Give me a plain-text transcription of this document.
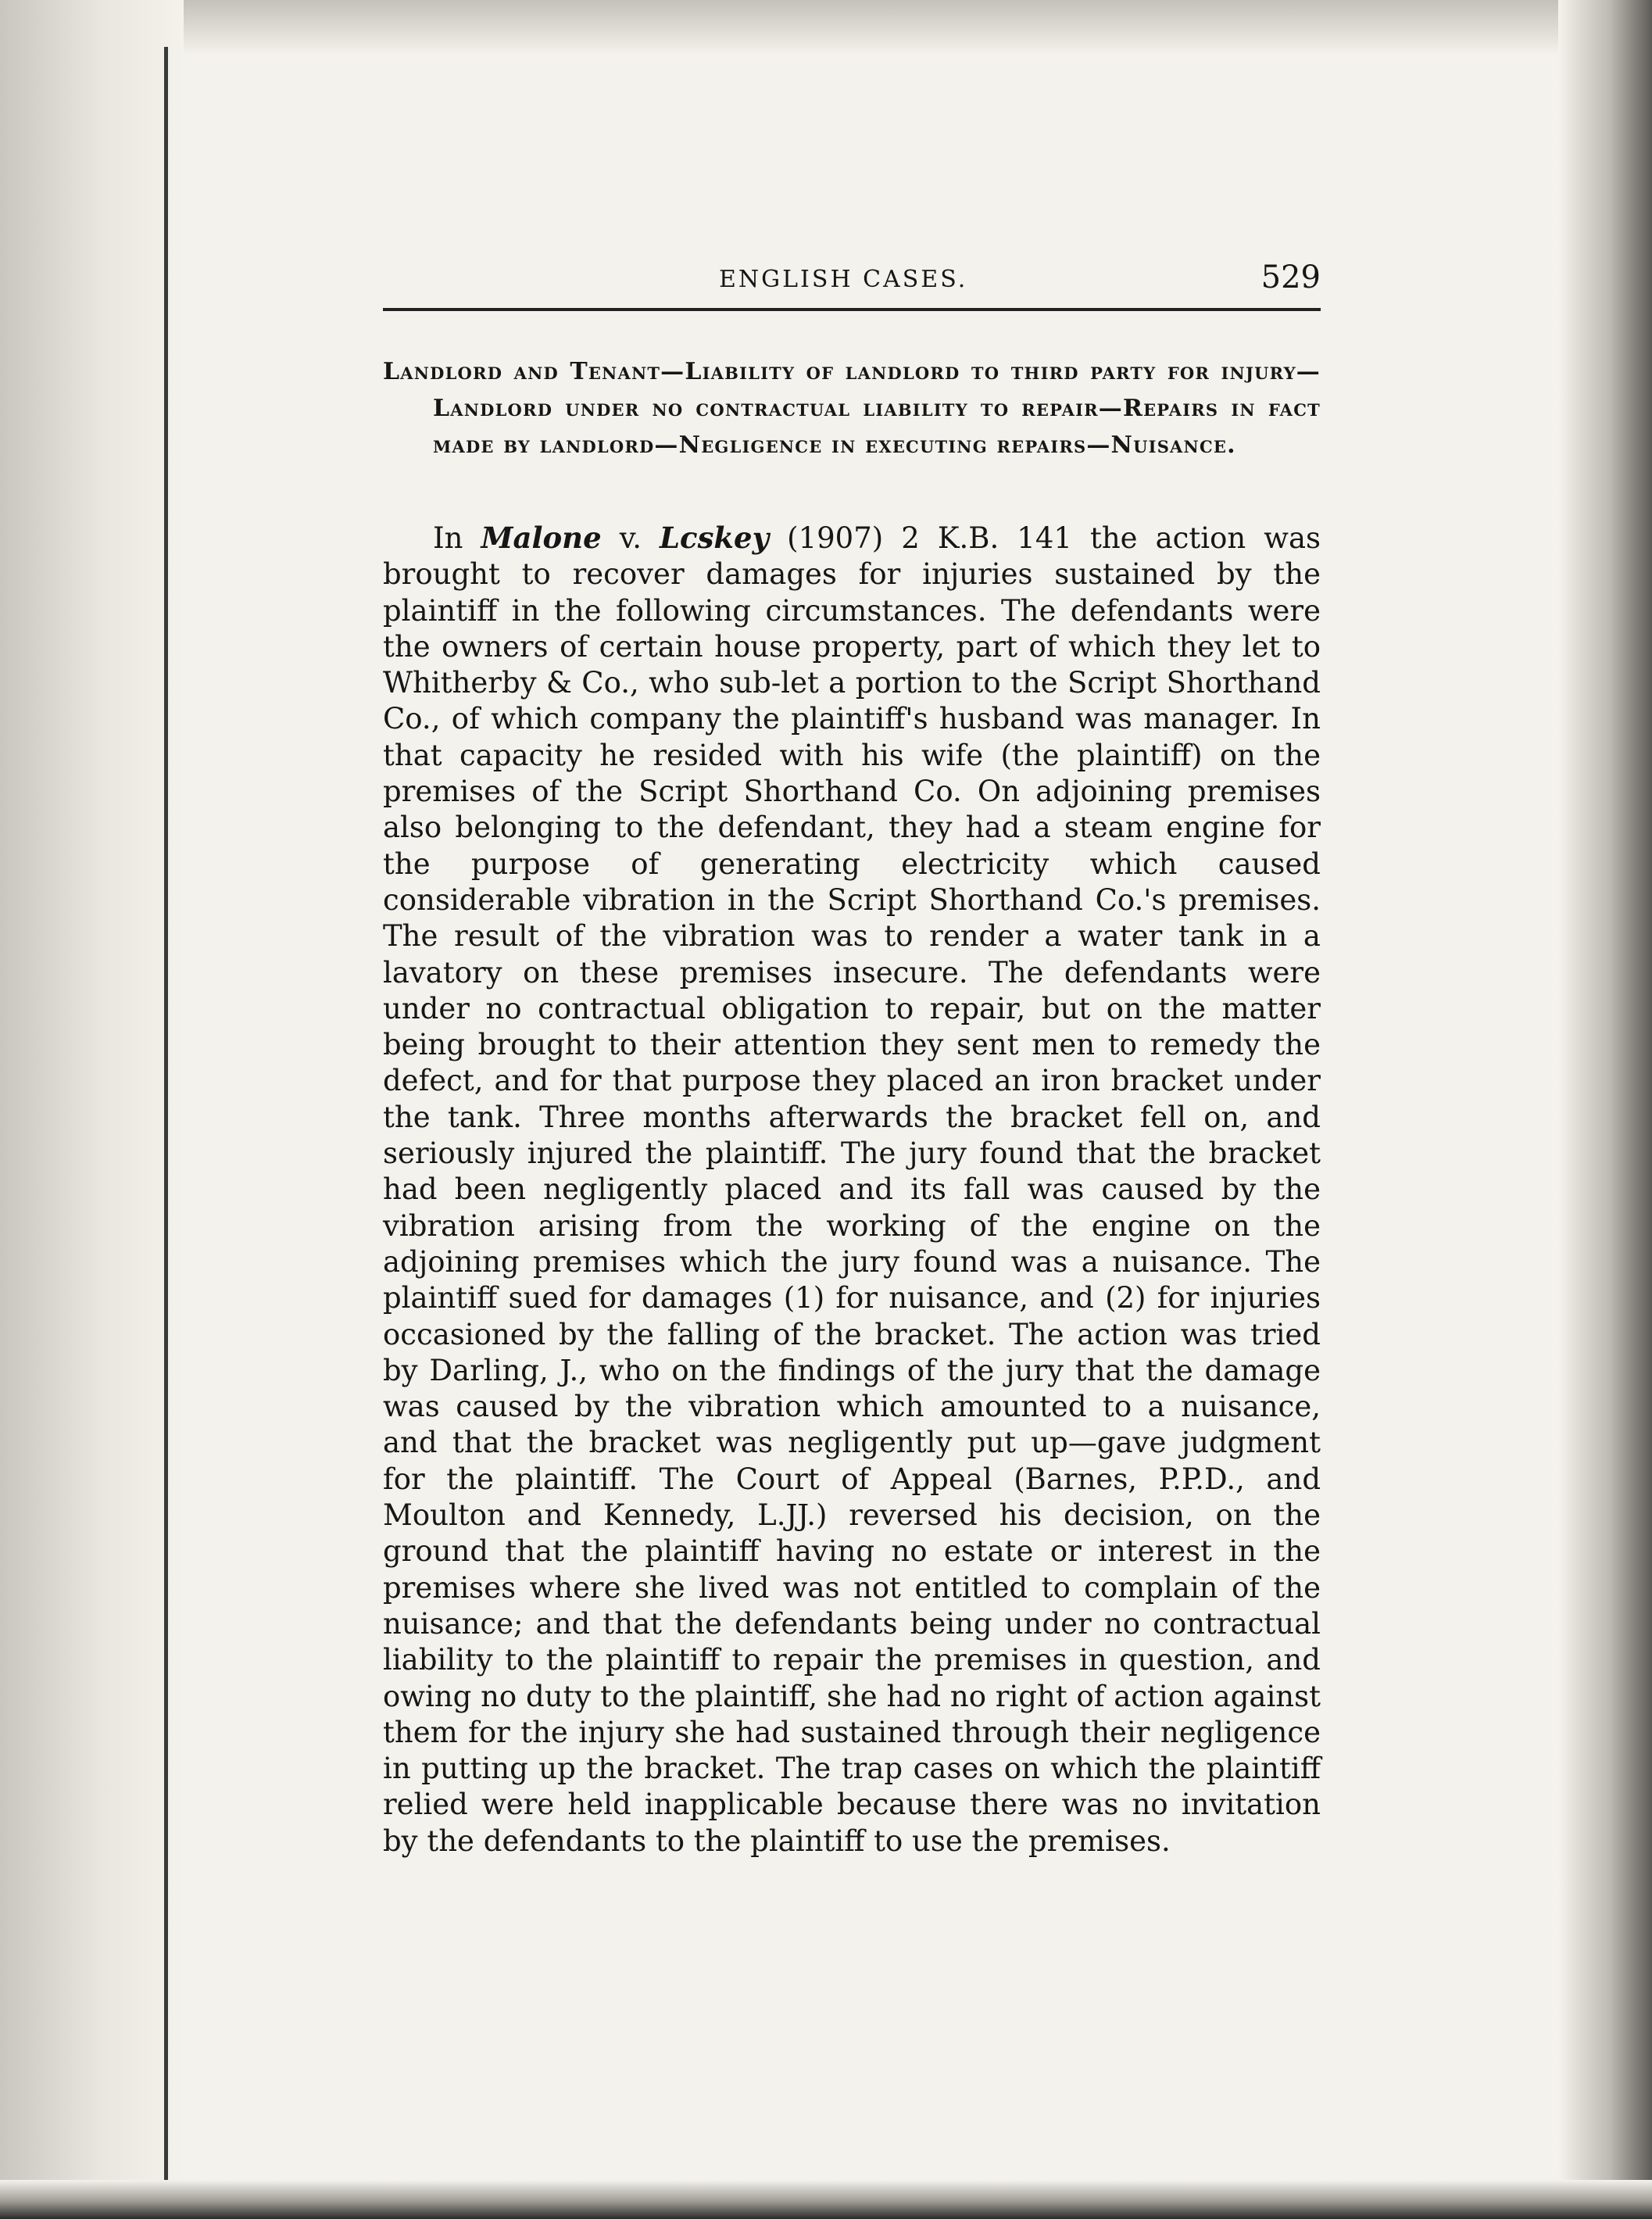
ENGLISH CASES.	529
Landlord and Tenant—Liability of landlord to third party for injury—Landlord under no contractual liability to repair—Repairs in fact made by landlord—Negligence in executing repairs—Nuisance.

In Malone v. Lcskey (1907) 2 K.B. 141 the action was brought to recover damages for injuries sustained by the plaintiff in the following circumstances. The defendants were the owners of certain house property, part of which they let to Whitherby & Co., who sub-let a portion to the Script Shorthand Co., of which company the plaintiff's husband was manager. In that capacity he resided with his wife (the plaintiff) on the premises of the Script Shorthand Co. On adjoining premises also belonging to the defendant, they had a steam engine for the purpose of generating electricity which caused considerable vibration in the Script Shorthand Co.'s premises. The result of the vibration was to render a water tank in a lavatory on these premises insecure. The defendants were under no contractual obligation to repair, but on the matter being brought to their attention they sent men to remedy the defect, and for that purpose they placed an iron bracket under the tank. Three months afterwards the bracket fell on, and seriously injured the plaintiff. The jury found that the bracket had been negligently placed and its fall was caused by the vibration arising from the working of the engine on the adjoining premises which the jury found was a nuisance. The plaintiff sued for damages (1) for nuisance, and (2) for injuries occasioned by the falling of the bracket. The action was tried by Darling, J., who on the findings of the jury that the damage was caused by the vibration which amounted to a nuisance, and that the bracket was negligently put up—gave judgment for the plaintiff. The Court of Appeal (Barnes, P.P.D., and Moulton and Kennedy, L.JJ.) reversed his decision, on the ground that the plaintiff having no estate or interest in the premises where she lived was not entitled to complain of the nuisance; and that the defendants being under no contractual liability to the plaintiff to repair the premises in question, and owing no duty to the plaintiff, she had no right of action against them for the injury she had sustained through their negligence in putting up the bracket. The trap cases on which the plaintiff relied were held inapplicable because there was no invitation by the defendants to the plaintiff to use the premises.
